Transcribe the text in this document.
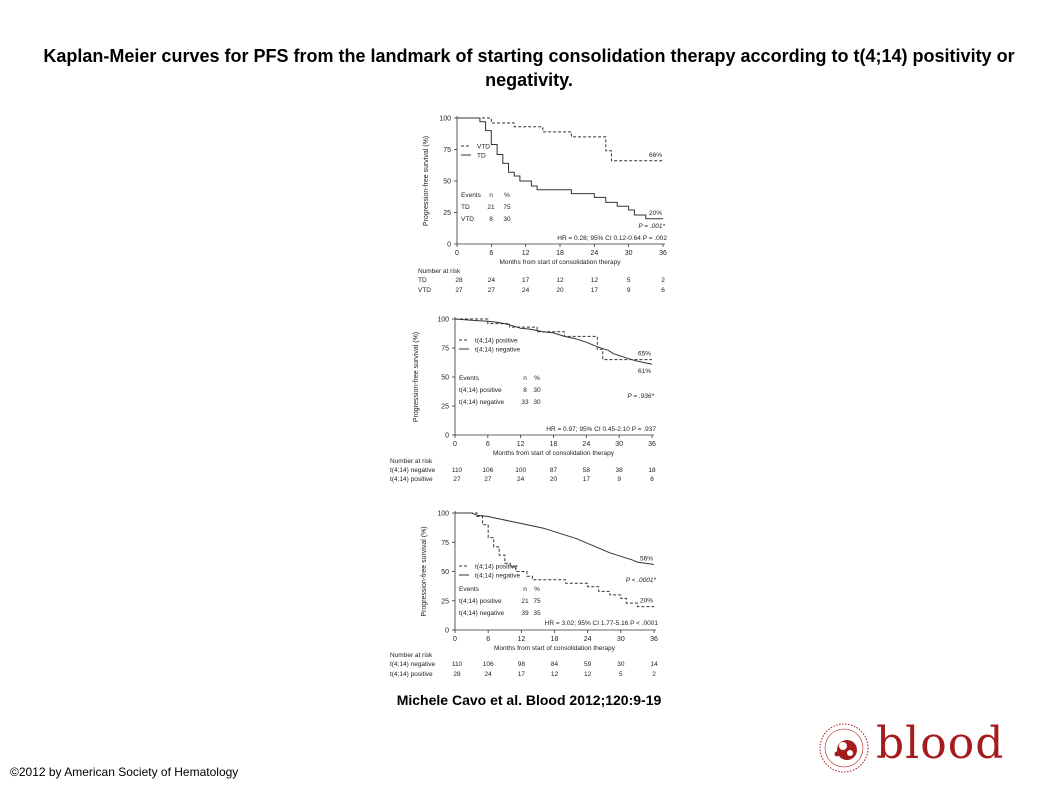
Kaplan-Meier curves for PFS from the landmark of starting consolidation therapy according to t(4;14) positivity or negativity.
0
25
50
75
100
0	6	12	18	24	30	36
Progression-free survival (%)
Months from start of consolidation therapy
VTD
TD	66%
20%
Events n %
TD	21 75
VTD 8 30
P = .001*
HR = 0.28; 95% CI 0.12-0.64 P = .002
Number at risk
TD	28	24	17	12	12	5	2
VTD	27	27	24	20	17	9	6
0
25
50
75
100
0	6	12	18	24	30	36
Progression-free survival (%)
Months from start of consolidation therapy
t(4;14) positive
t(4;14) negative
65%
61%
Events	n %
t(4;14) positive	8 30
t(4;14) negative	33 30
P = .936*
HR = 0.97; 95% CI 0.45-2.10 P = .937
Number at risk
t(4;14) negative	110	106	100	87	58	38	18
t(4;14) positive	27	27	24	20	17	9	6
0
25
50
75
100
0	6	12	18	24	30	36
Progression-free survival (%)
Months from start of consolidation therapy
t(4;14) positive
t(4;14) negative
56%
20%
Events	n %
t(4;14) positive	21 75
t(4;14) negative	39 35
P < .0001*
HR = 3.02; 95% CI 1.77-5.16 P < .0001
Number at risk
t(4;14) negative	110	106	98	84	59	30	14
t(4;14) positive	28	24	17	12	12	5	2
Michele Cavo et al. Blood 2012;120:9-19
©2012 by American Society of Hematology
blood
